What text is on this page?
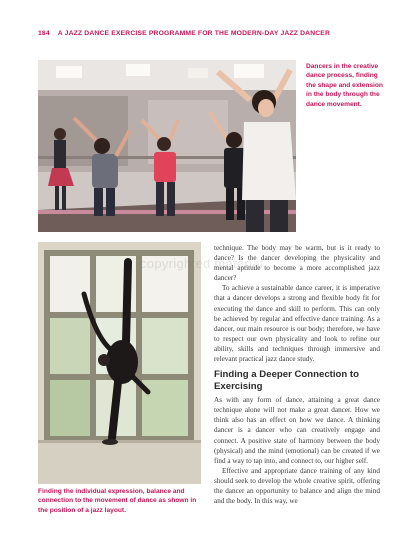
184 A JAZZ DANCE EXERCISE PROGRAMME FOR THE MODERN-DAY JAZZ DANCER
Dancers in the creative dance process, finding the shape and extension in the body through the dance movement.
Finding the individual expression, balance and connection to the movement of dance as shown in the position of a jazz layout.

technique. The body may be warm, but is it ready to dance? Is the dancer developing the physicality and mental aptitude to become a more accomplished jazz dancer?

To achieve a sustainable dance career, it is imperative that a dancer develops a strong and flexible body fit for executing the dance and skill to perform. This can only be achieved by regular and effective dance training. As a dancer, our main resource is our body; therefore, we have to respect our own physicality and look to refine our ability, skills and techniques through immersive and relevant practical jazz dance study.

Finding a Deeper Connection to Exercising

As with any form of dance, attaining a great dance technique alone will not make a great dancer. How we think also has an effect on how we dance. A thinking dancer is a dancer who can creatively engage and connect. A positive state of harmony between the body (physical) and the mind (emotional) can be created if we find a way to tap into, and connect to, our higher self.

Effective and appropriate dance training of any kind should seek to develop the whole creative spirit, offering the dancer an opportunity to balance and align the mind and the body. In this way, we

copyrighted material
